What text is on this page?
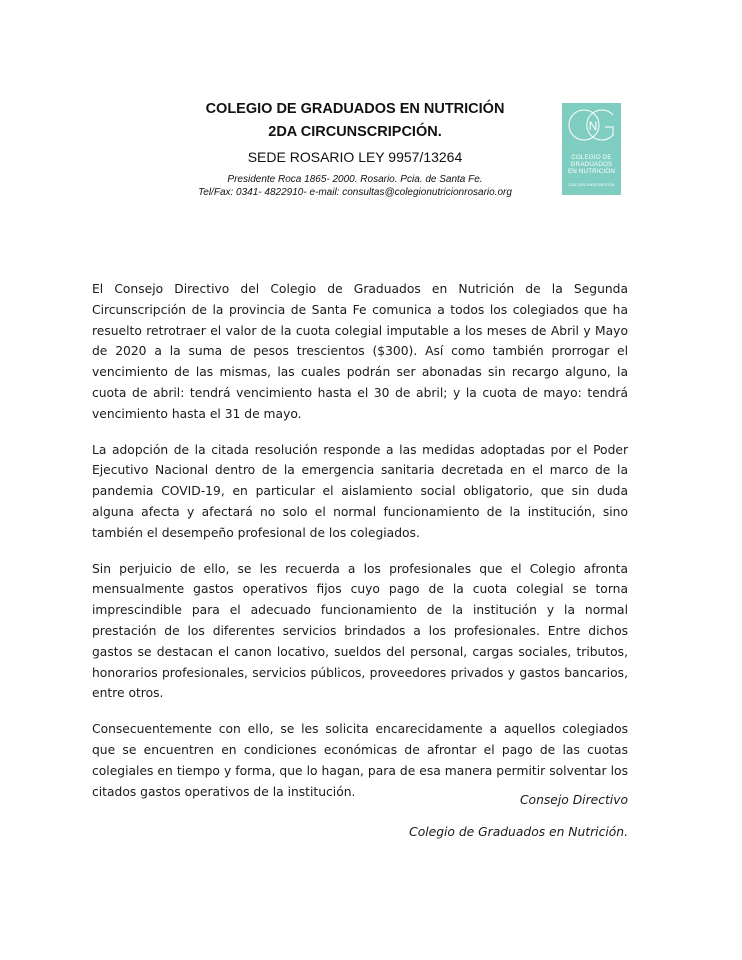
COLEGIO DE GRADUADOS EN NUTRICIÓN
2DA CIRCUNSCRIPCIÓN.
SEDE ROSARIO LEY 9957/13264
Presidente Roca 1865- 2000. Rosario. Pcia. de Santa Fe.
Tel/Fax: 0341- 4822910- e-mail: consultas@colegionutricionrosario.org
N
COLEGIO DE
GRADUADOS
EN NUTRICIÓN
2DA CIRCUNSCRIPCIÓN

El Consejo Directivo del Colegio de Graduados en Nutrición de la Segunda Circunscripción de la provincia de Santa Fe comunica a todos los colegiados que ha resuelto retrotraer el valor de la cuota colegial imputable a los meses de Abril y Mayo de 2020 a la suma de pesos trescientos ($300). Así como también prorrogar el vencimiento de las mismas, las cuales podrán ser abonadas sin recargo alguno, la cuota de abril: tendrá vencimiento hasta el 30 de abril; y la cuota de mayo: tendrá vencimiento hasta el 31 de mayo.

La adopción de la citada resolución responde a las medidas adoptadas por el Poder Ejecutivo Nacional dentro de la emergencia sanitaria decretada en el marco de la pandemia COVID-19, en particular el aislamiento social obligatorio, que sin duda alguna afecta y afectará no solo el normal funcionamiento de la institución, sino también el desempeño profesional de los colegiados.

Sin perjuicio de ello, se les recuerda a los profesionales que el Colegio afronta mensualmente gastos operativos fijos cuyo pago de la cuota colegial se torna imprescindible para el adecuado funcionamiento de la institución y la normal prestación de los diferentes servicios brindados a los profesionales. Entre dichos gastos se destacan el canon locativo, sueldos del personal, cargas sociales, tributos, honorarios profesionales, servicios públicos, proveedores privados y gastos bancarios, entre otros.

Consecuentemente con ello, se les solicita encarecidamente a aquellos colegiados que se encuentren en condiciones económicas de afrontar el pago de las cuotas colegiales en tiempo y forma, que lo hagan, para de esa manera permitir solventar los citados gastos operativos de la institución.

Consejo Directivo
Colegio de Graduados en Nutrición.
